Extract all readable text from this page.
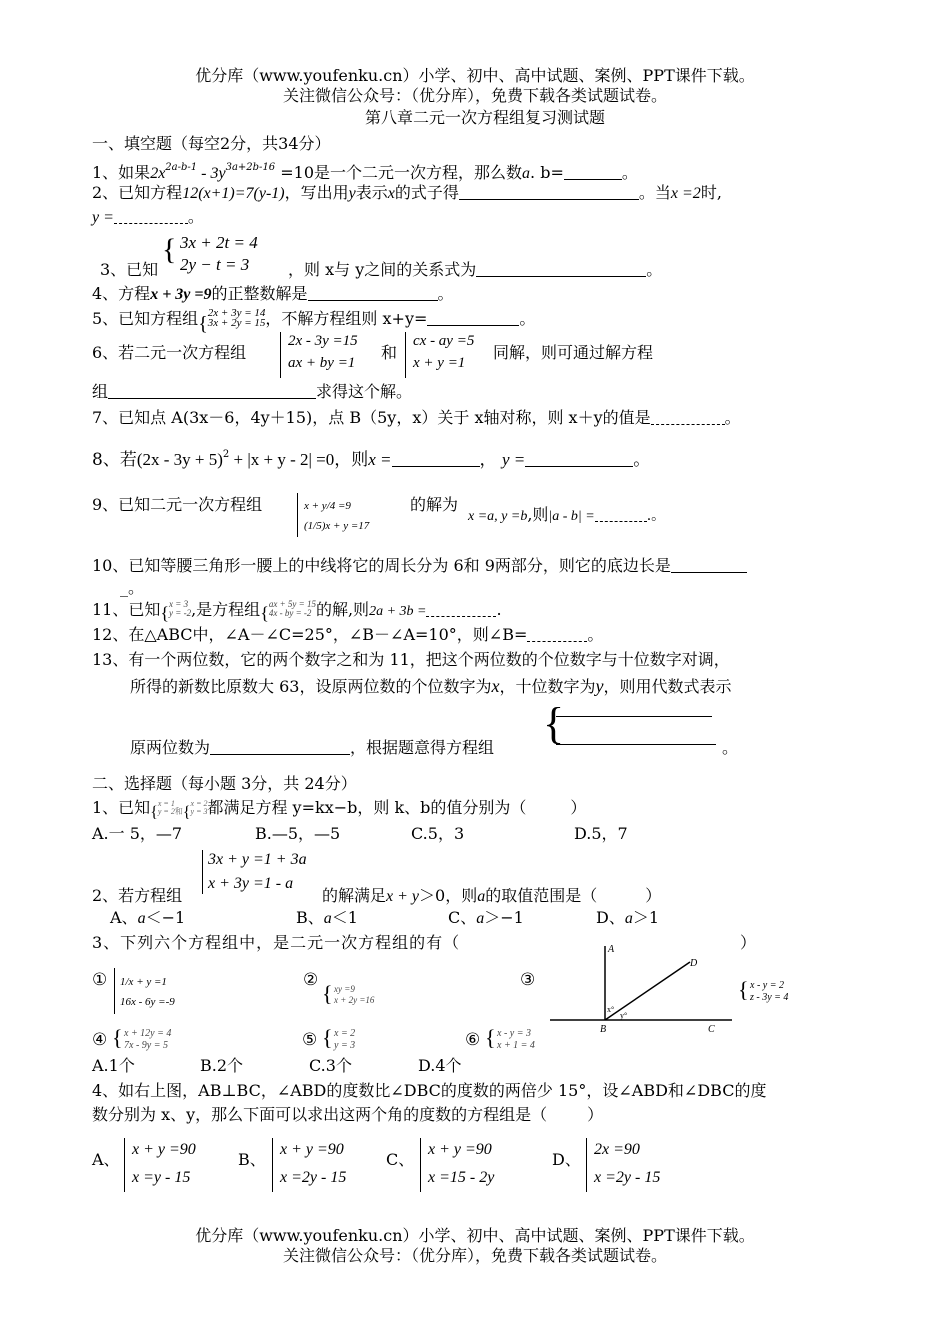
优分库（www.youfenku.cn）小学、初中、高中试题、案例、PPT课件下载。
关注微信公众号：（优分库），免费下载各类试题试卷。
第八章二元一次方程组复习测试题
一、填空题（每空2分，共34分）
1、如果$2x^{2a-b-1} - 3y^{3a+2b-16} =10$是一个二元一次方程，那么数a. b=	。
2、已知方程12(x+1)=7(y-1)，写出用y表示x的式子得	。当x =2时,
y =	。
{ 3x + 2t = 4
2y − t = 3
3、已知	，则 x与 y之间的关系式为	。
4、方程x + 3y =9的正整数解是	。
5、已知方程组{2x + 3y = 14
3x + 2y = 15，不解方程组则 x+y=	。
6、若二元一次方程组
2x - 3y =15
ax + by =1
和
cx - ay =5
x + y =1
同解，则可通过解方程
组	求得这个解。
7、已知点 A(3x－6，4y＋15)，点 B（5y，x）关于 x轴对称，则 x＋y的值是	。
8、若$(2x - 3y + 5)^2 + |x + y - 2| =0$，则x =	， y =	。
9、已知二元一次方程组	x + y/4 =9
(1/5)x + y =17
的解为
x =a, y =b,则|a - b| =	.。
10、已知等腰三角形一腰上的中线将它的周长分为 6和 9两部分，则它的底边长是
_。
11、已知{x = 3
y = -2,是方程组{ax + 5y = 15
4x - by = -2 的解,则2a + 3b =	.
12、在△ABC中，∠A－∠C=25°，∠B－∠A=10°，则∠B=	。
13、有一个两位数，它的两个数字之和为 11，把这个两位数的个位数字与十位数字对调，
所得的新数比原数大 63，设原两位数的个位数字为x，十位数字为y，则用代数式表示
{
原两位数为	，根据题意得方程组	。
二、选择题（每小题 3分，共 24分）
1、已知{x = 1
y = 2和{x = 2
y = 3都满足方程 y=kx−b，则 k、b的值分别为（	）
A.一 5，—7	B.—5，—5	C.5，3	D.5，7
3x + y =1 + 3a
x + 3y =1 - a
2、若方程组	的解满足x + y＞0，则a的取值范围是（	）
A、a＜−1	B、a＜1	C、a＞−1	D、a＞1
3、下列六个方程组中，是二元一次方程组的有（	）
A
D
B	C
x°
y°
① 1/x + y =1
16x - 6y =-9
②
{ xy =9
x + 2y =16
③	{ x - y = 2
z - 3y = 4
④ { x + 12y = 4
7x - 9y = 5	⑤ { x = 2
y = 3	⑥ { x - y = 3
x + 1 = 4
A.1个	B.2个	C.3个	D.4个
4、如右上图，AB⊥BC，∠ABD的度数比∠DBC的度数的两倍少 15°，设∠ABD和∠DBC的度
数分别为 x、y，那么下面可以求出这两个角的度数的方程组是（	）
A、
x + y =90
x =y - 15
B、
x + y =90
x =2y - 15
C、
x + y =90
x =15 - 2y
D、
2x =90
x =2y - 15
优分库（www.youfenku.cn）小学、初中、高中试题、案例、PPT课件下载。
关注微信公众号：（优分库），免费下载各类试题试卷。
